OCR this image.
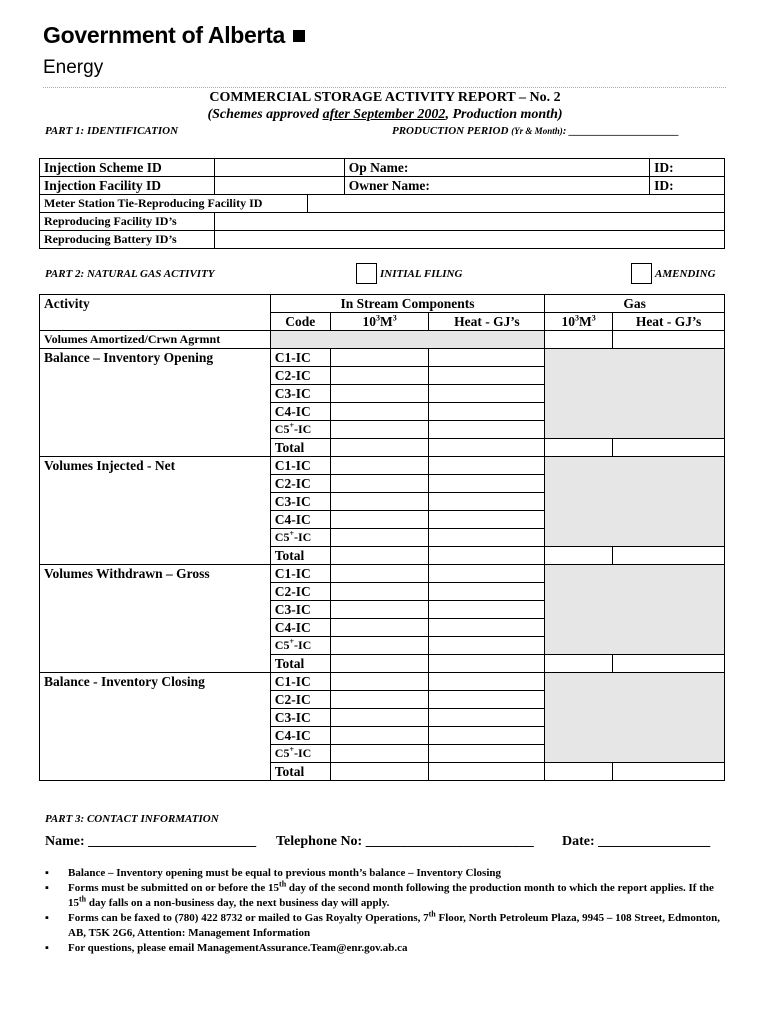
Government of Alberta
Energy
COMMERCIAL STORAGE ACTIVITY REPORT – No. 2
(Schemes approved after September 2002, Production month)
PART 1: IDENTIFICATION	PRODUCTION PERIOD (Yr & Month): ____________________
Injection Scheme ID			Op Name:	ID:
Injection Facility ID			Owner Name:	ID:
Meter Station Tie-Reproducing Facility ID				
Reproducing Facility ID’s				
Reproducing Battery ID’s				
PART 2: NATURAL GAS ACTIVITY	INITIAL FILING	AMENDING
Activity	In Stream Components			Gas	
	Code	$10^3M^3$	Heat - GJ’s	$10^3M^3$	Heat - GJ’s
Volumes Amortized/Crwn Agrmnt					
Balance – Inventory Opening	C1-IC				
	C2-IC				
	C3-IC				
	C4-IC				
	C5+-IC				
	Total				
Volumes Injected - Net	C1-IC				
	C2-IC				
	C3-IC				
	C4-IC				
	C5+-IC				
	Total				
Volumes Withdrawn – Gross	C1-IC				
	C2-IC				
	C3-IC				
	C4-IC				
	C5+-IC				
	Total				
Balance - Inventory Closing	C1-IC				
	C2-IC				
	C3-IC				
	C4-IC				
	C5+-IC				
	Total				
PART 3: CONTACT INFORMATION
Name: ________________________ Telephone No: ________________________ Date: ________________
▪ Balance – Inventory opening must be equal to previous month’s balance – Inventory Closing
▪ Forms must be submitted on or before the 15th day of the second month following the production month to which the report applies. If the 15th day falls on a non-business day, the next business day will apply.
▪ Forms can be faxed to (780) 422 8732 or mailed to Gas Royalty Operations, 7th Floor, North Petroleum Plaza, 9945 – 108 Street, Edmonton, AB, T5K 2G6, Attention: Management Information
▪ For questions, please email ManagementAssurance.Team@enr.gov.ab.ca
